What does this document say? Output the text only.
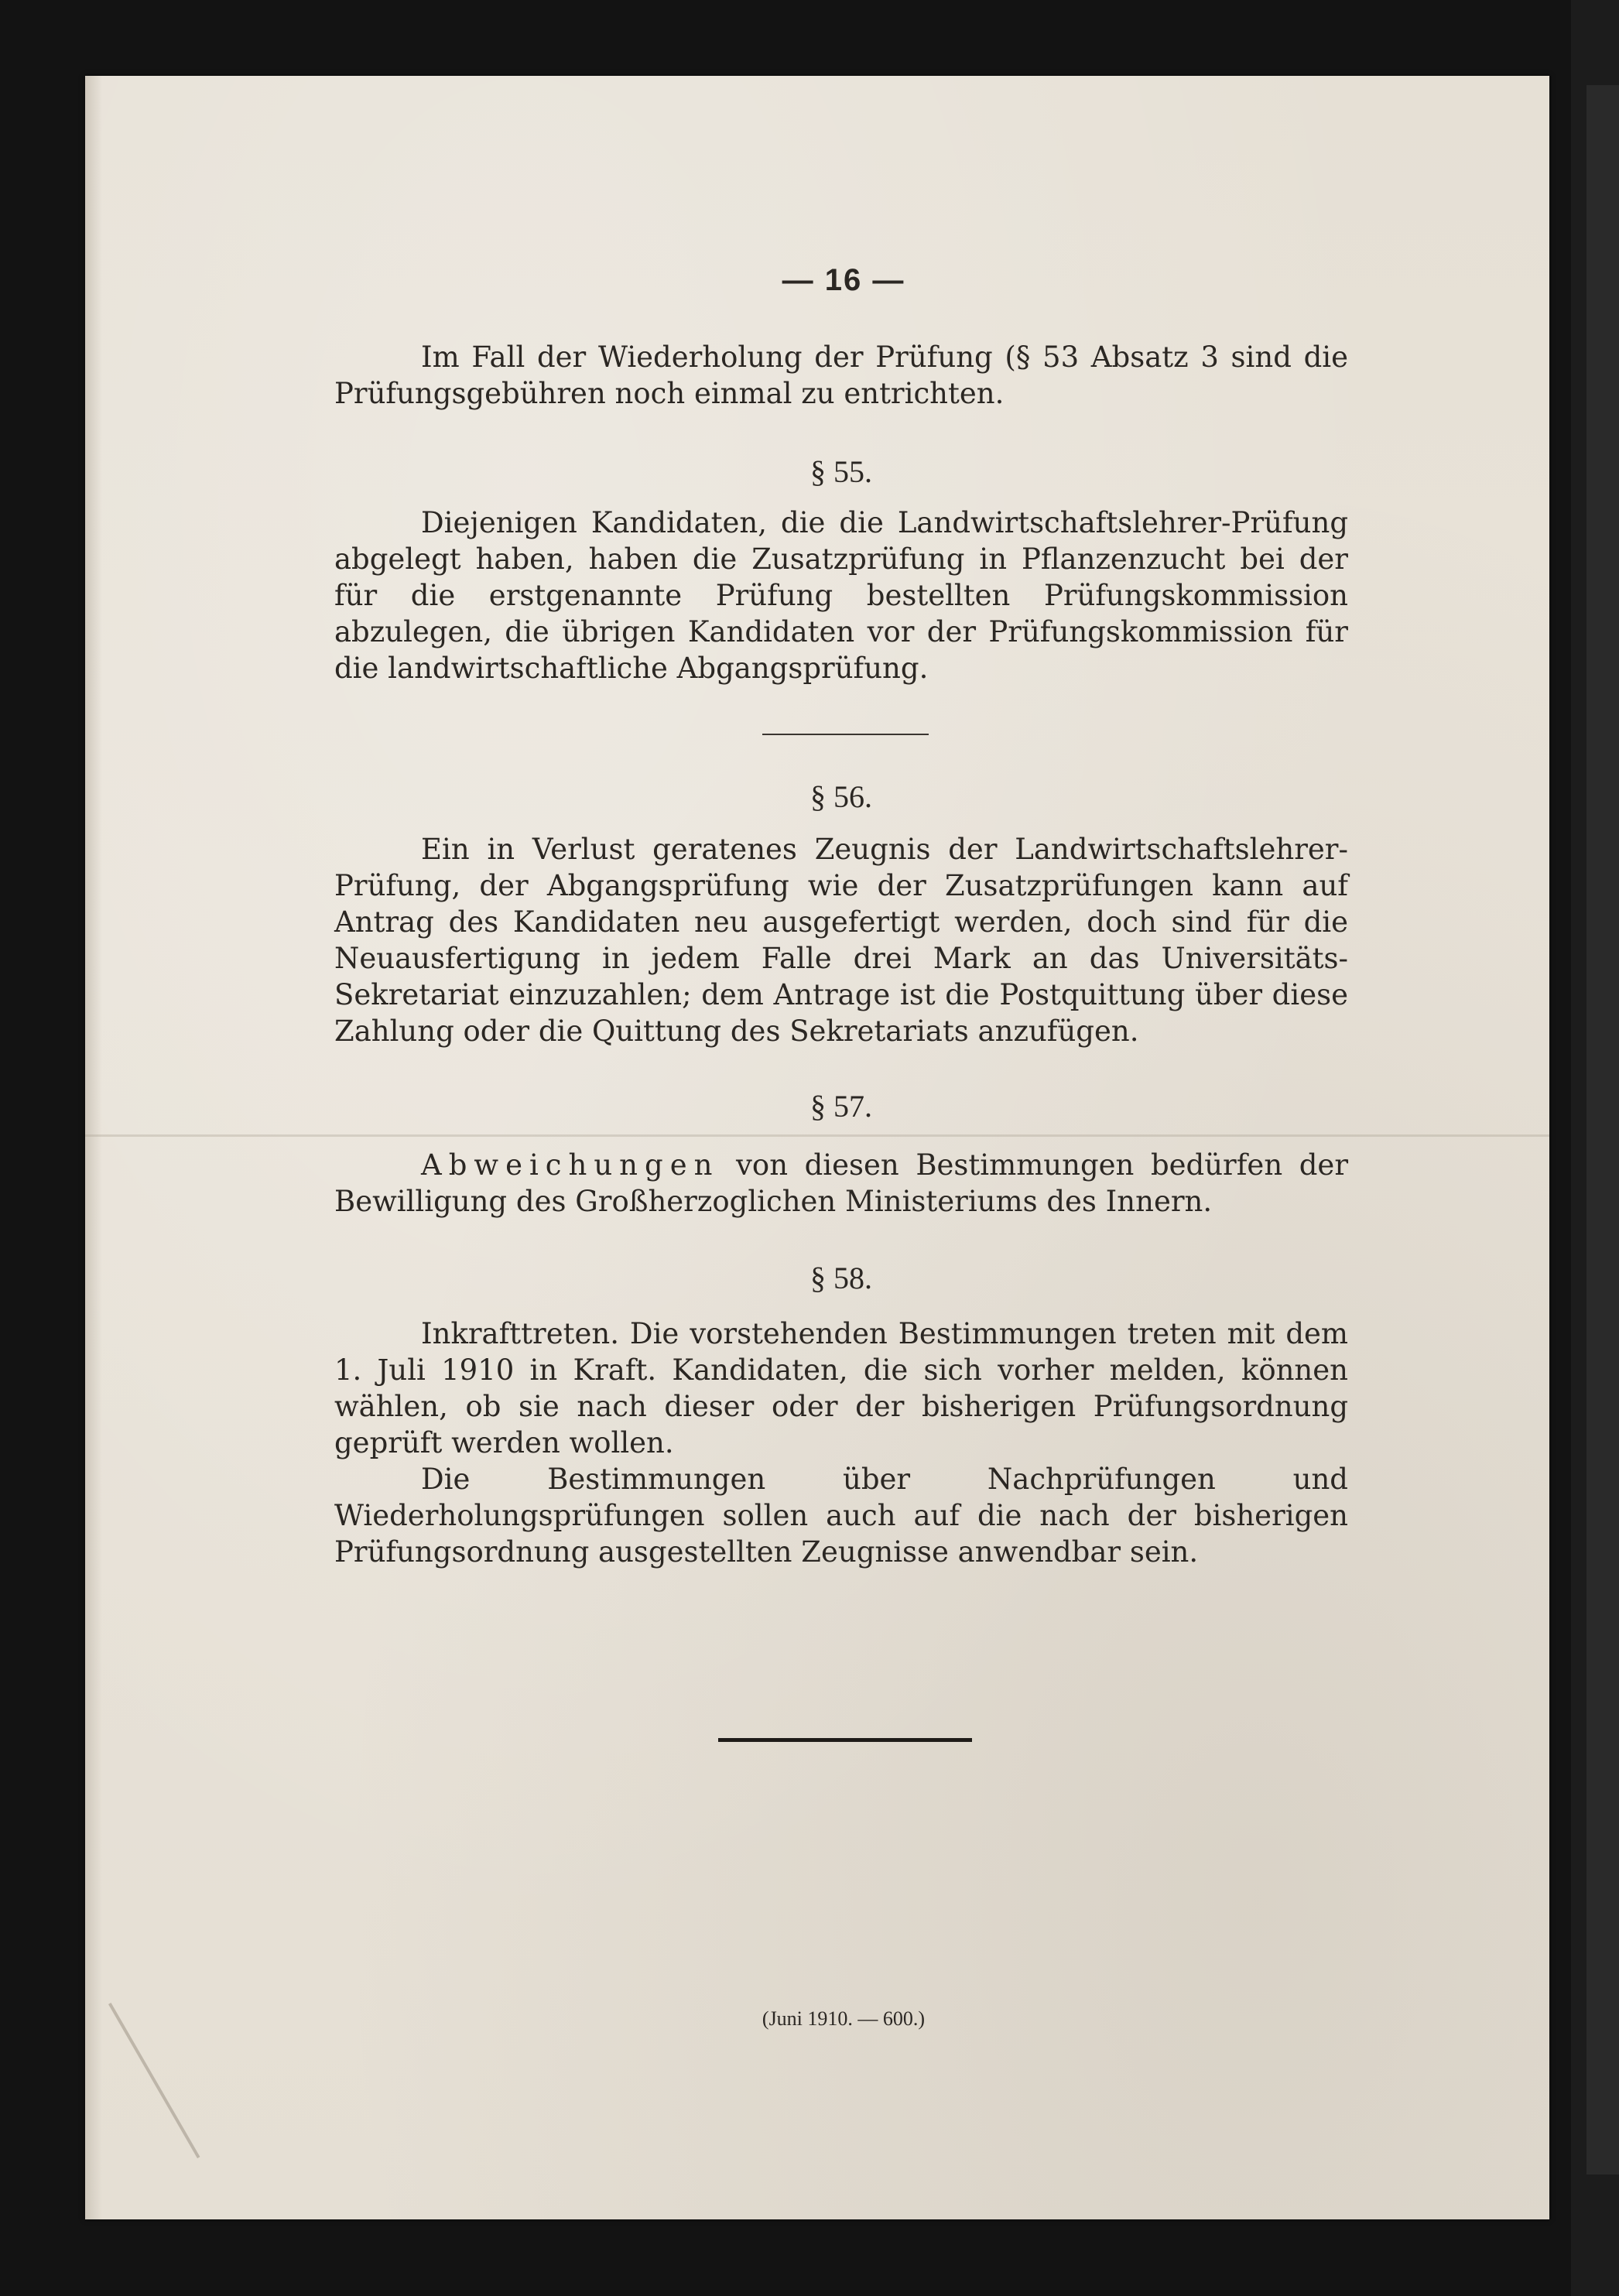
— 16 —
Im Fall der Wiederholung der Prüfung (§ 53 Absatz 3 sind die Prüfungsgebühren noch einmal zu entrichten.
§ 55.
Diejenigen Kandidaten, die die Landwirtschaftslehrer-Prüfung abgelegt haben, haben die Zusatzprüfung in Pflanzenzucht bei der für die erstgenannte Prüfung bestellten Prüfungskommission abzulegen, die übrigen Kandidaten vor der Prüfungskommission für die landwirtschaftliche Abgangsprüfung.
§ 56.
Ein in Verlust geratenes Zeugnis der Landwirtschaftslehrer-Prüfung, der Abgangsprüfung wie der Zusatzprüfungen kann auf Antrag des Kandidaten neu ausgefertigt werden, doch sind für die Neuausfertigung in jedem Falle drei Mark an das Universitäts-Sekretariat einzuzahlen; dem Antrage ist die Postquittung über diese Zahlung oder die Quittung des Sekretariats anzufügen.
§ 57.
Abweichungen von diesen Bestimmungen bedürfen der Bewilligung des Großherzoglichen Ministeriums des Innern.
§ 58.
Inkrafttreten. Die vorstehenden Bestimmungen treten mit dem 1. Juli 1910 in Kraft. Kandidaten, die sich vorher melden, können wählen, ob sie nach dieser oder der bisherigen Prüfungsordnung geprüft werden wollen.
Die Bestimmungen über Nachprüfungen und Wiederholungsprüfungen sollen auch auf die nach der bisherigen Prüfungsordnung ausgestellten Zeugnisse anwendbar sein.
(Juni 1910. — 600.)
